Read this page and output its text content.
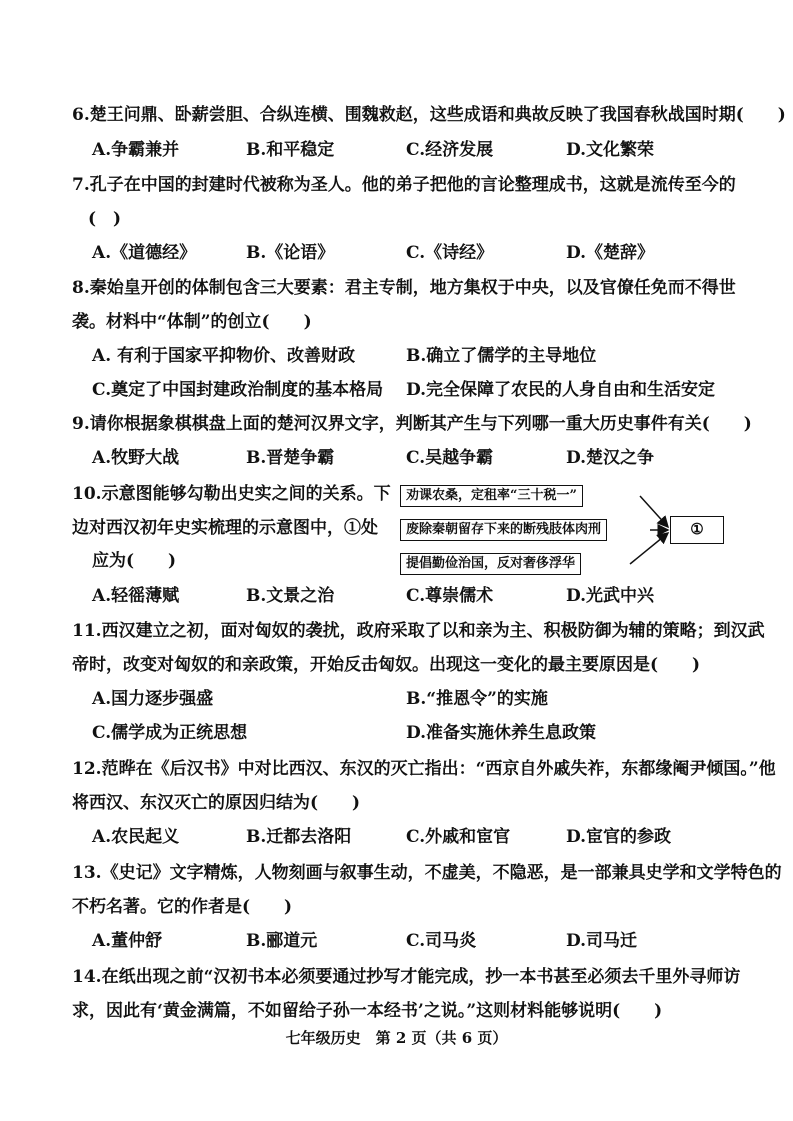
6.楚王问鼎、卧薪尝胆、合纵连横、围魏救赵，这些成语和典故反映了我国春秋战国时期(　　)
A.争霸兼并	B.和平稳定	C.经济发展	D.文化繁荣
7.孔子在中国的封建时代被称为圣人。他的弟子把他的言论整理成书，这就是流传至今的
(　)
A.《道德经》	B.《论语》	C.《诗经》	D.《楚辞》
8.秦始皇开创的体制包含三大要素：君主专制，地方集权于中央，以及官僚任免而不得世
袭。材料中“体制”的创立(　　)
A. 有利于国家平抑物价、改善财政	B.确立了儒学的主导地位
C.奠定了中国封建政治制度的基本格局 D.完全保障了农民的人身自由和生活安定
9.请你根据象棋棋盘上面的楚河汉界文字，判断其产生与下列哪一重大历史事件有关(　　)
A.牧野大战	B.晋楚争霸	C.吴越争霸	D.楚汉之争
10.示意图能够勾勒出史实之间的关系。下
边对西汉初年史实梳理的示意图中，①处
应为(　　)
劝课农桑，定租率“三十税一”
废除秦朝留存下来的断残肢体肉刑
提倡勤俭治国，反对奢侈浮华
①
A.轻徭薄赋	B.文景之治	C.尊崇儒术	D.光武中兴
11.西汉建立之初，面对匈奴的袭扰，政府采取了以和亲为主、积极防御为辅的策略；到汉武
帝时，改变对匈奴的和亲政策，开始反击匈奴。出现这一变化的最主要原因是(　　)
A.国力逐步强盛	B.“推恩令”的实施
C.儒学成为正统思想	D.准备实施休养生息政策
12.范晔在《后汉书》中对比西汉、东汉的灭亡指出：“西京自外戚失祚，东都缘阉尹倾国。”他
将西汉、东汉灭亡的原因归结为(　　)
A.农民起义	B.迁都去洛阳	C.外戚和宦官	D.宦官的参政
13.《史记》文字精炼，人物刻画与叙事生动，不虚美，不隐恶，是一部兼具史学和文学特色的
不朽名著。它的作者是(　　)
A.董仲舒	B.郦道元	C.司马炎	D.司马迁
14.在纸出现之前“汉初书本必须要通过抄写才能完成，抄一本书甚至必须去千里外寻师访
求，因此有‘黄金满篇，不如留给子孙一本经书’之说。”这则材料能够说明(　　)
七年级历史　第 2 页（共 6 页）
